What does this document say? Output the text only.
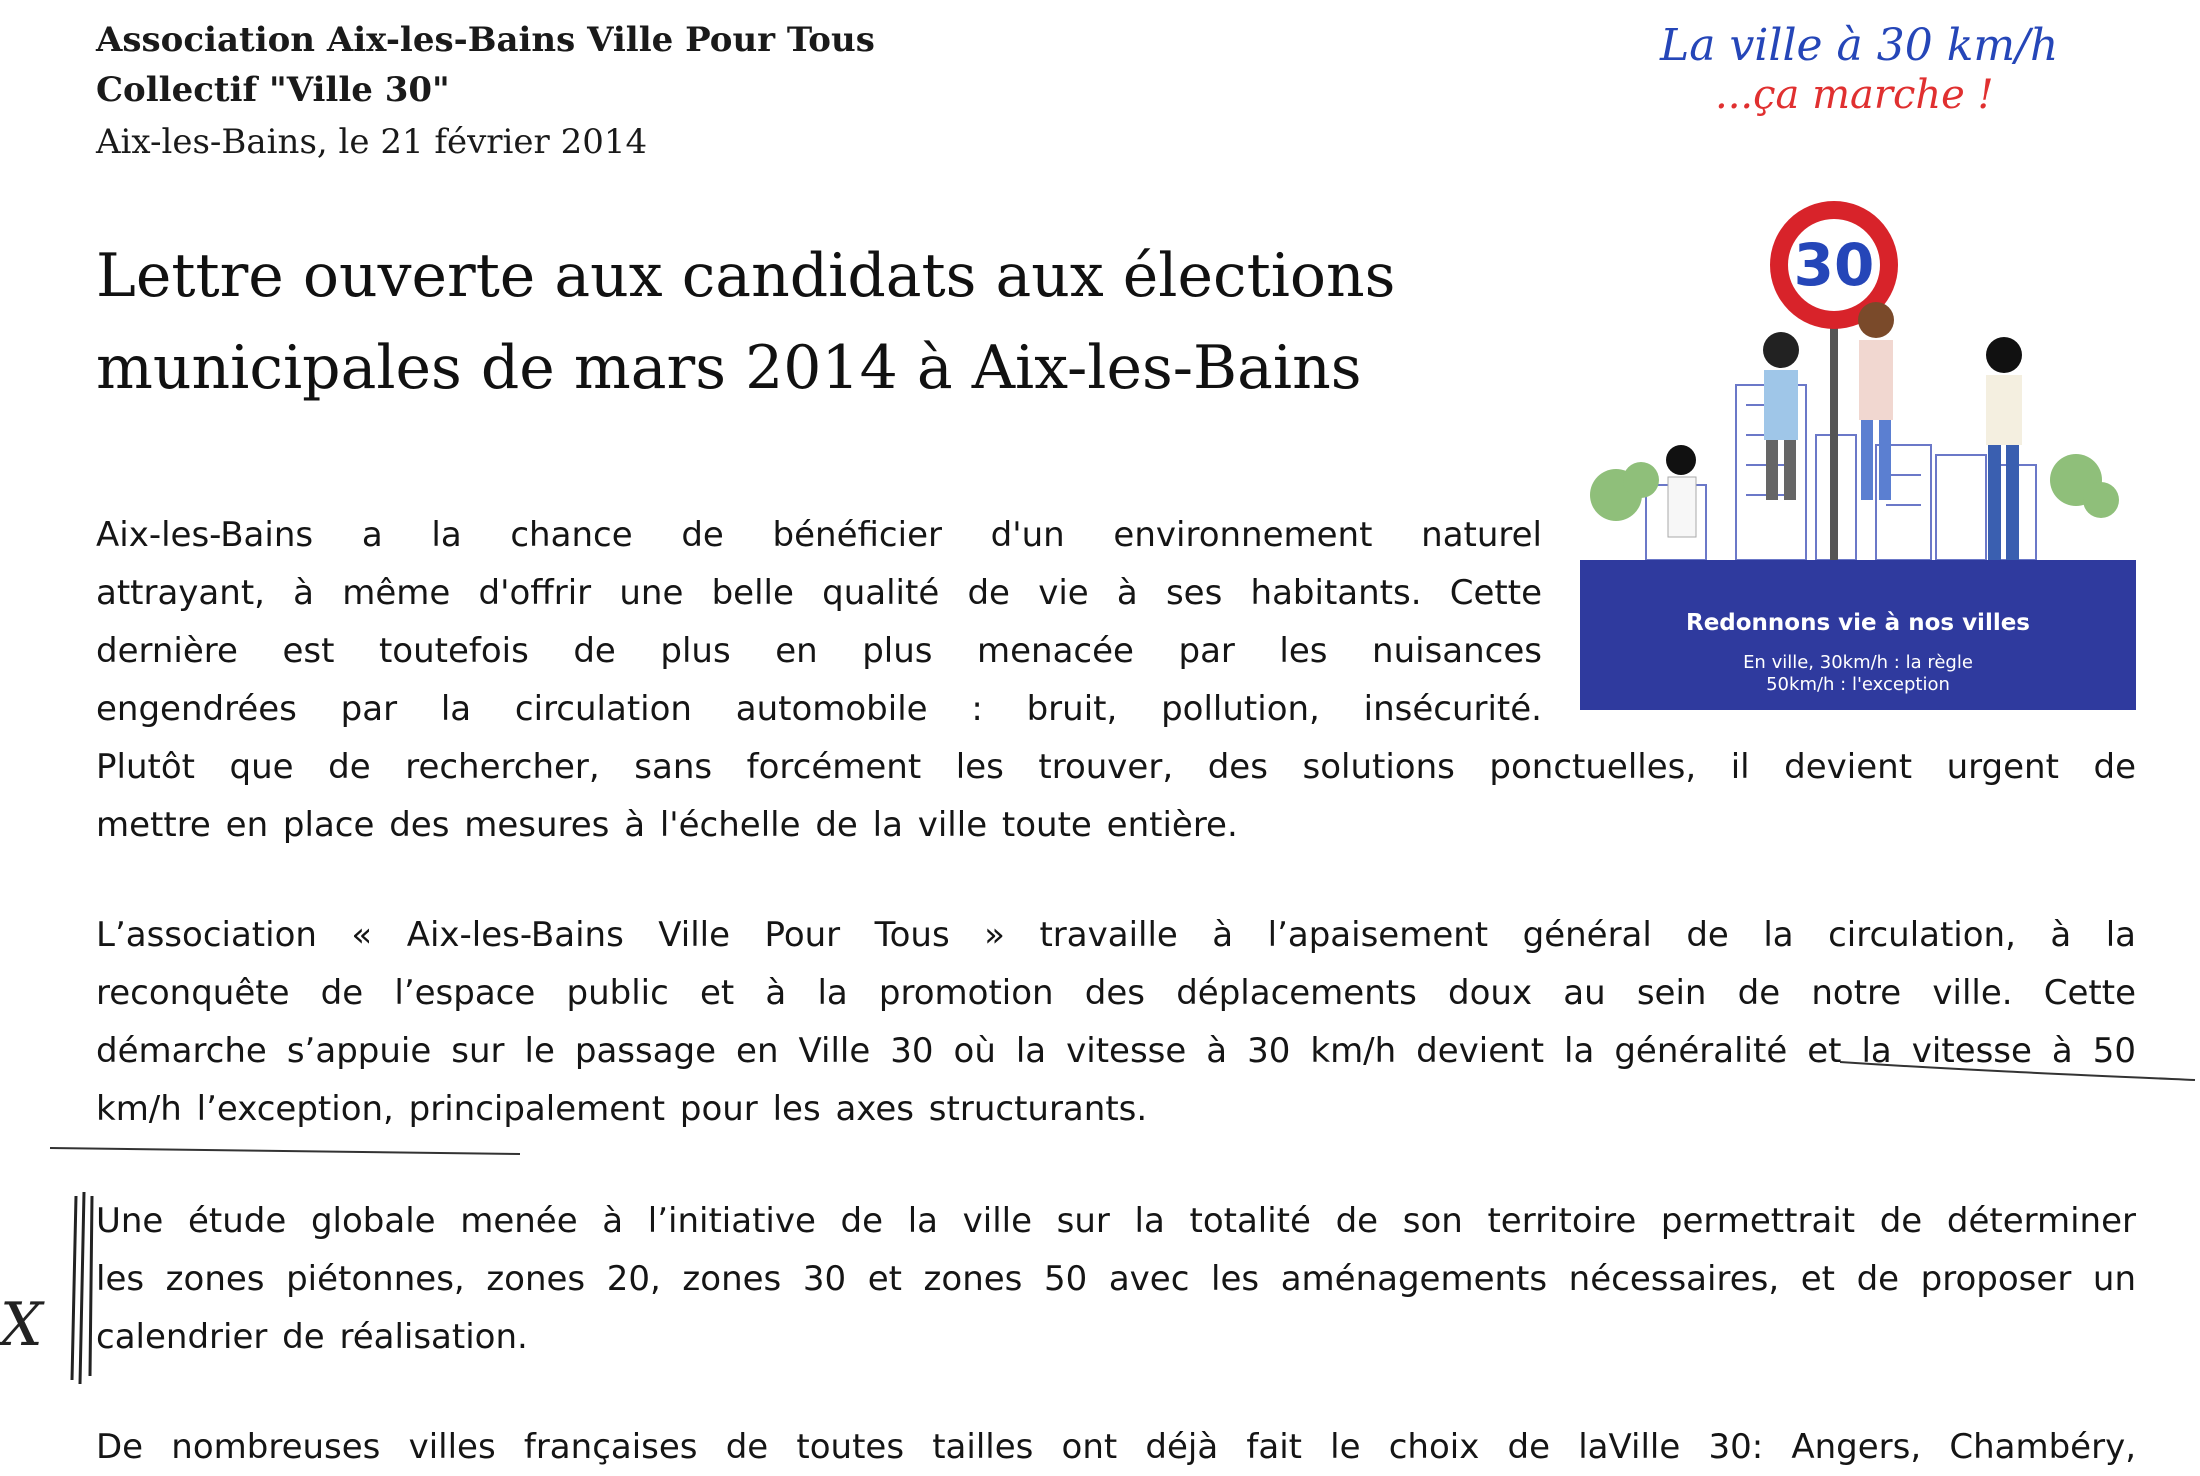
Association Aix-les-Bains Ville Pour Tous
Collectif "Ville 30"
Aix-les-Bains, le 21 février 2014
La ville à 30 km/h
...ça marche !
30
Redonnons vie à nos villes
En ville, 30km/h : la règle
50km/h : l'exception
Lettre ouverte aux candidats aux élections
municipales de mars 2014 à Aix-les-Bains
Aix-les-Bains a la chance de bénéficier d'un environnement naturel
attrayant, à même d'offrir une belle qualité de vie à ses habitants. Cette
dernière est toutefois de plus en plus menacée par les nuisances
engendrées par la circulation automobile : bruit, pollution, insécurité.
Plutôt que de rechercher, sans forcément les trouver, des solutions ponctuelles, il devient urgent de
mettre en place des mesures à l'échelle de la ville toute entière.
L’association « Aix-les-Bains Ville Pour Tous » travaille à l’apaisement général de la circulation, à la
reconquête de l’espace public et à la promotion des déplacements doux au sein de notre ville. Cette
démarche s’appuie sur le passage en Ville 30 où la vitesse à 30 km/h devient la généralité et la vitesse à 50
km/h l’exception, principalement pour les axes structurants.
Une étude globale menée à l’initiative de la ville sur la totalité de son territoire permettrait de déterminer
les zones piétonnes, zones 20, zones 30 et zones 50 avec les aménagements nécessaires, et de proposer un
calendrier de réalisation.
De nombreuses villes françaises de toutes tailles ont déjà fait le choix de laVille 30: Angers, Chambéry,
X
